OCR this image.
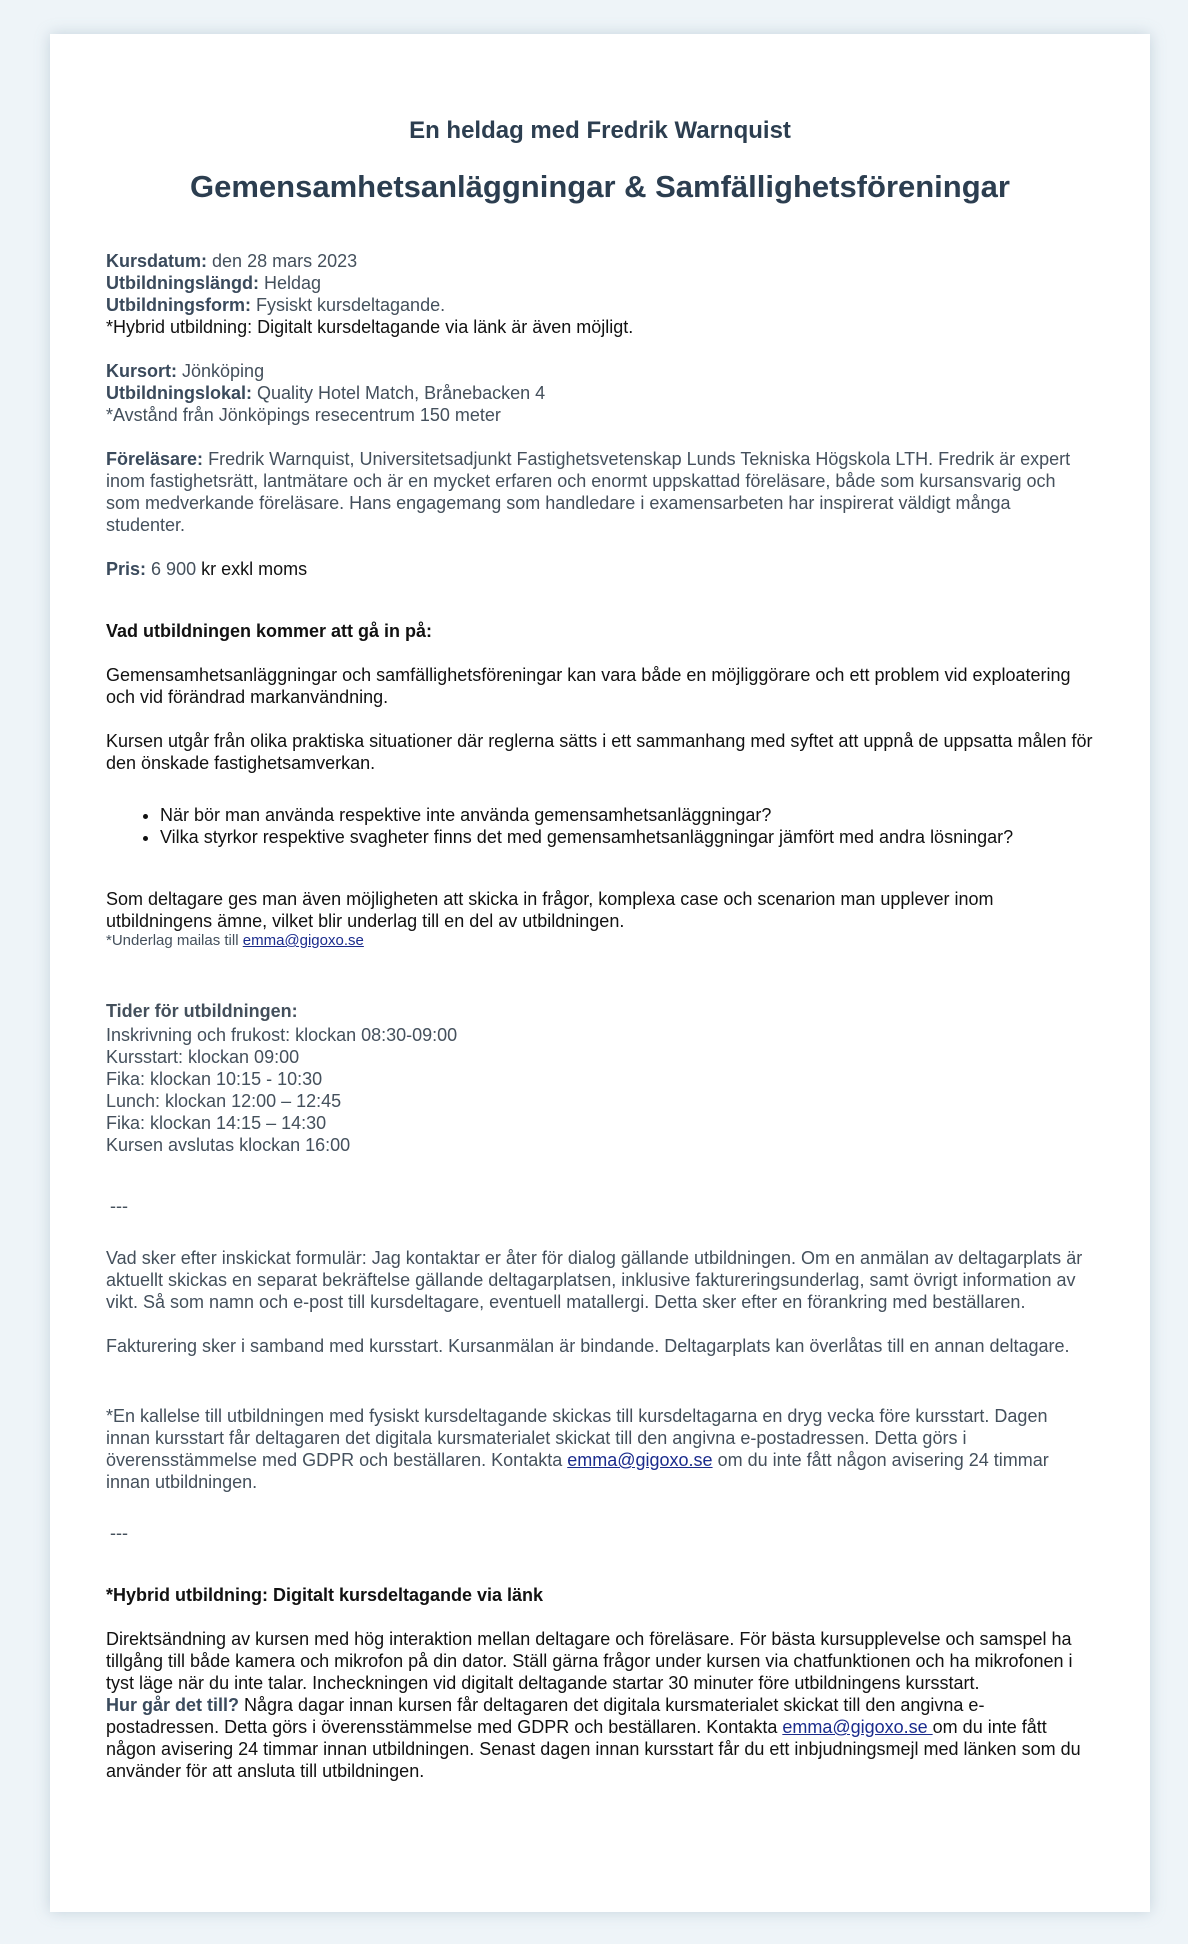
En heldag med Fredrik Warnquist
Gemensamhetsanläggningar & Samfällighetsföreningar

Kursdatum: den 28 mars 2023

Utbildningslängd: Heldag

Utbildningsform: Fysiskt kursdeltagande.

*Hybrid utbildning: Digitalt kursdeltagande via länk är även möjligt.

Kursort: Jönköping

Utbildningslokal: Quality Hotel Match, Brånebacken 4

*Avstånd från Jönköpings resecentrum 150 meter

Föreläsare: Fredrik Warnquist, Universitetsadjunkt Fastighetsvetenskap Lunds Tekniska Högskola LTH. Fredrik är expert inom fastighetsrätt, lantmätare och är en mycket erfaren och enormt uppskattad föreläsare, både som kursansvarig och som medverkande föreläsare. Hans engagemang som handledare i examensarbeten har inspirerat väldigt många studenter.

Pris: 6 900 kr exkl moms

Vad utbildningen kommer att gå in på:

Gemensamhetsanläggningar och samfällighetsföreningar kan vara både en möjliggörare och ett problem vid exploatering och vid förändrad markanvändning.

Kursen utgår från olika praktiska situationer där reglerna sätts i ett sammanhang med syftet att uppnå de uppsatta målen för den önskade fastighetsamverkan.

• När bör man använda respektive inte använda gemensamhetsanläggningar?
• Vilka styrkor respektive svagheter finns det med gemensamhetsanläggningar jämfört med andra lösningar?

Som deltagare ges man även möjligheten att skicka in frågor, komplexa case och scenarion man upplever inom utbildningens ämne, vilket blir underlag till en del av utbildningen.

*Underlag mailas till emma@gigoxo.se

Tider för utbildningen:
Inskrivning och frukost: klockan 08:30-09:00
Kursstart: klockan 09:00
Fika: klockan 10:15 - 10:30
Lunch: klockan 12:00 – 12:45
Fika: klockan 14:15 – 14:30
Kursen avslutas klockan 16:00
---

Vad sker efter inskickat formulär: Jag kontaktar er åter för dialog gällande utbildningen. Om en anmälan av deltagarplats är aktuellt skickas en separat bekräftelse gällande deltagarplatsen, inklusive faktureringsunderlag, samt övrigt information av vikt. Så som namn och e-post till kursdeltagare, eventuell matallergi. Detta sker efter en förankring med beställaren.

Fakturering sker i samband med kursstart. Kursanmälan är bindande. Deltagarplats kan överlåtas till en annan deltagare.

*En kallelse till utbildningen med fysiskt kursdeltagande skickas till kursdeltagarna en dryg vecka före kursstart. Dagen innan kursstart får deltagaren det digitala kursmaterialet skickat till den angivna e-postadressen. Detta görs i överensstämmelse med GDPR och beställaren. Kontakta emma@gigoxo.se om du inte fått någon avisering 24 timmar innan utbildningen.

---
*Hybrid utbildning: Digitalt kursdeltagande via länk

Direktsändning av kursen med hög interaktion mellan deltagare och föreläsare. För bästa kursupplevelse och samspel ha tillgång till både kamera och mikrofon på din dator. Ställ gärna frågor under kursen via chatfunktionen och ha mikrofonen i tyst läge när du inte talar. Incheckningen vid digitalt deltagande startar 30 minuter före utbildningens kursstart.

Hur går det till? Några dagar innan kursen får deltagaren det digitala kursmaterialet skickat till den angivna e-postadressen. Detta görs i överensstämmelse med GDPR och beställaren. Kontakta emma@gigoxo.se om du inte fått någon avisering 24 timmar innan utbildningen. Senast dagen innan kursstart får du ett inbjudningsmejl med länken som du använder för att ansluta till utbildningen.
